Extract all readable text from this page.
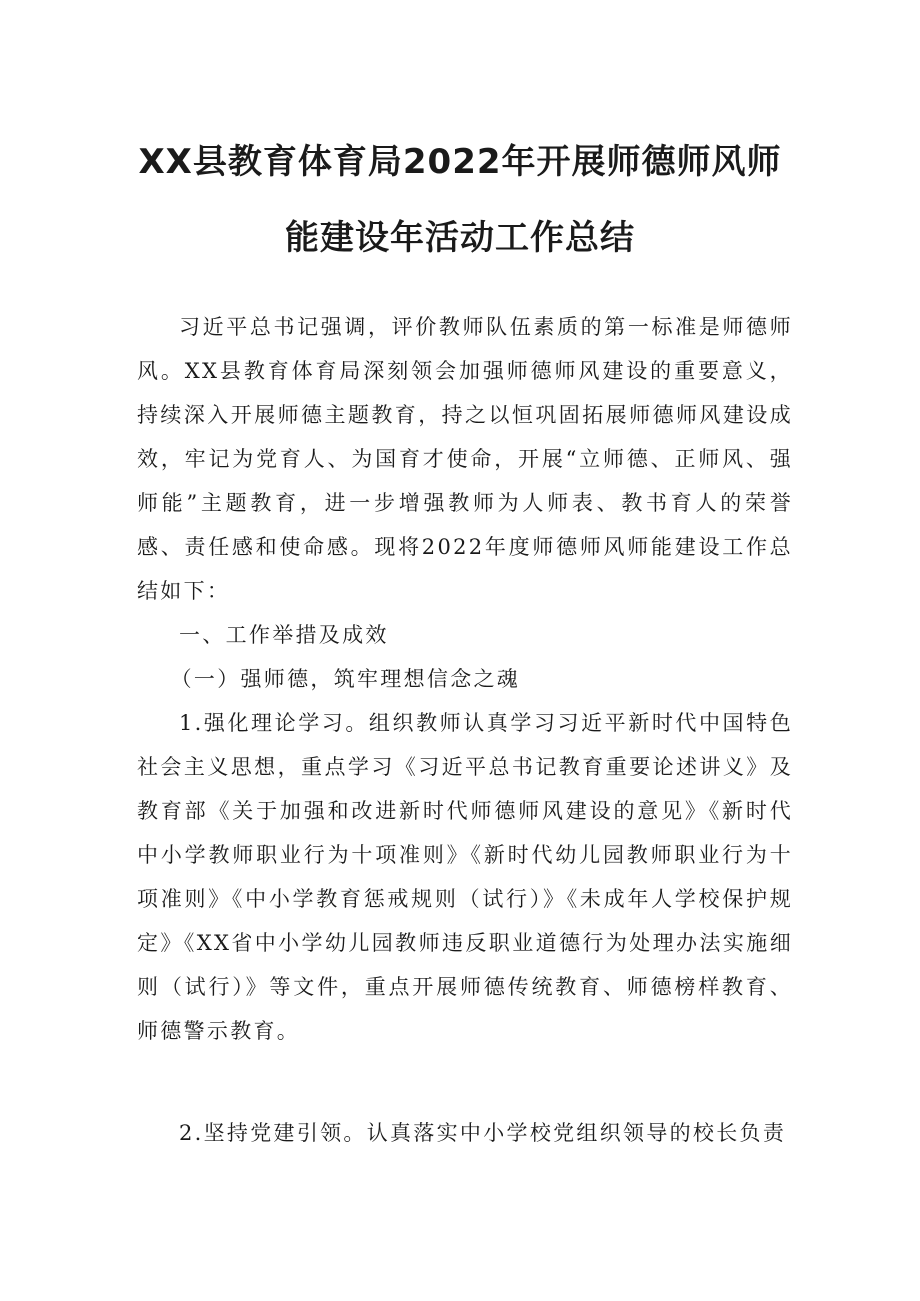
XX县教育体育局2022年开展师德师风师
能建设年活动工作总结

习近平总书记强调，评价教师队伍素质的第一标准是师德师风。XX县教育体育局深刻领会加强师德师风建设的重要意义，持续深入开展师德主题教育，持之以恒巩固拓展师德师风建设成效，牢记为党育人、为国育才使命，开展“立师德、正师风、强师能”主题教育，进一步增强教师为人师表、教书育人的荣誉感、责任感和使命感。现将2022年度师德师风师能建设工作总结如下：

一、工作举措及成效

（一）强师德，筑牢理想信念之魂

1.强化理论学习。组织教师认真学习习近平新时代中国特色社会主义思想，重点学习《习近平总书记教育重要论述讲义》及教育部《关于加强和改进新时代师德师风建设的意见》《新时代中小学教师职业行为十项准则》《新时代幼儿园教师职业行为十项准则》《中小学教育惩戒规则（试行）》《未成年人学校保护规定》《XX省中小学幼儿园教师违反职业道德行为处理办法实施细则（试行）》等文件，重点开展师德传统教育、师德榜样教育、师德警示教育。

2.坚持党建引领。认真落实中小学校党组织领导的校长负责
